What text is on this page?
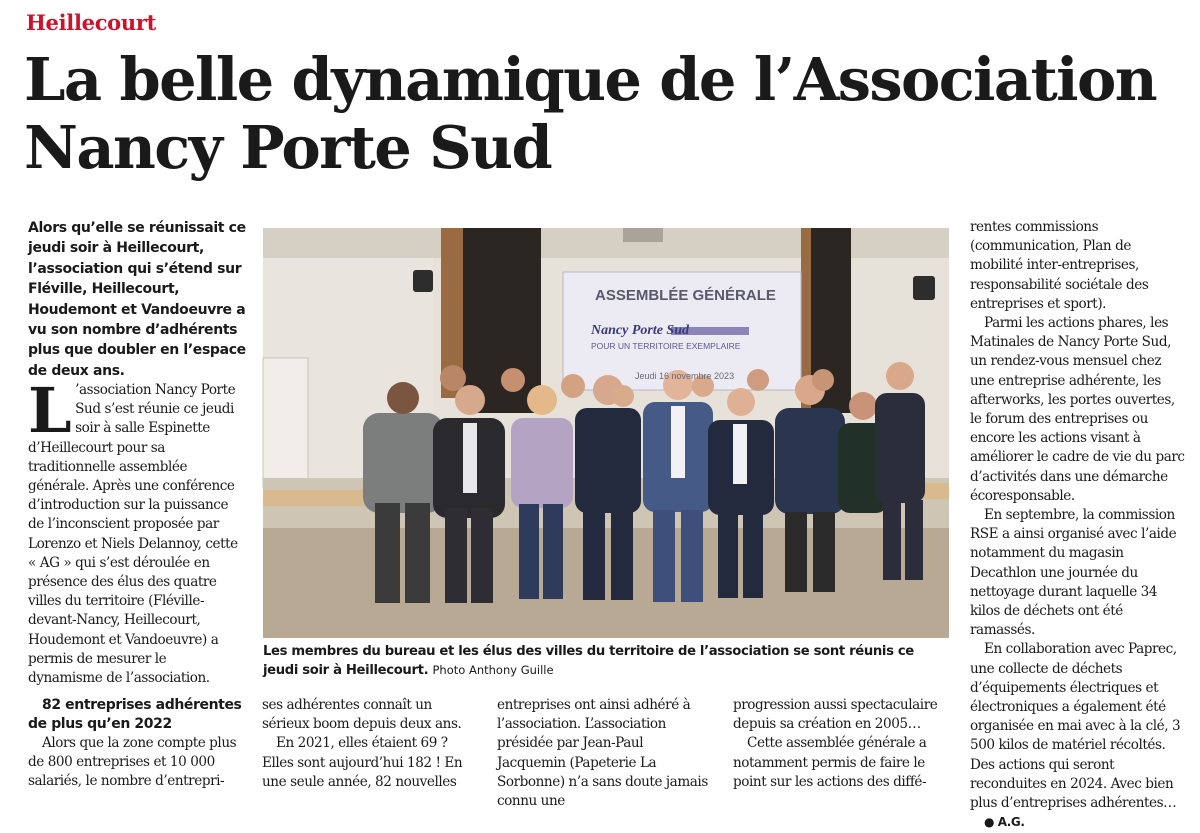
Heillecourt
La belle dynamique de l’Association Nancy Porte Sud

Alors qu’elle se réunissait ce jeudi soir à Heillecourt, l’association qui s’étend sur Fléville, Heillecourt, Houdemont et Vandoeuvre a vu son nombre d’adhérents plus que doubler en l’espace de deux ans.

L ’association Nancy Porte Sud s’est réunie ce jeudi soir à salle Espinette d’Heillecourt pour sa traditionnelle assemblée générale. Après une conférence d’introduction sur la puissance de l’inconscient proposée par Lorenzo et Niels Delannoy, cette « AG » qui s’est déroulée en présence des élus des quatre villes du territoire (Fléville-devant-Nancy, Heillecourt, Houdemont et Vandoeuvre) a permis de mesurer le dynamisme de l’association.

82 entreprises adhérentes de plus qu’en 2022

Alors que la zone compte plus de 800 entreprises et 10 000 salariés, le nombre d’entrepri-

ses adhérentes connaît un sérieux boom depuis deux ans.

En 2021, elles étaient 69 ? Elles sont aujourd’hui 182 ! En une seule année, 82 nouvelles

entreprises ont ainsi adhéré à l’association. L’association présidée par Jean-Paul Jacquemin (Papeterie La Sorbonne) n’a sans doute jamais connu une

progression aussi spectaculaire depuis sa création en 2005…

Cette assemblée générale a notamment permis de faire le point sur les actions des diffé-

rentes commissions (communication, Plan de mobilité inter-entreprises, responsabilité sociétale des entreprises et sport).

Parmi les actions phares, les Matinales de Nancy Porte Sud, un rendez-vous mensuel chez une entreprise adhérente, les afterworks, les portes ouvertes, le forum des entreprises ou encore les actions visant à améliorer le cadre de vie du parc d’activités dans une démarche écoresponsable.

En septembre, la commission RSE a ainsi organisé avec l’aide notamment du magasin Decathlon une journée du nettoyage durant laquelle 34 kilos de déchets ont été ramassés.

En collaboration avec Paprec, une collecte de déchets d’équipements électriques et électroniques a également été organisée en mai avec à la clé, 3 500 kilos de matériel récoltés. Des actions qui seront reconduites en 2024. Avec bien plus d’entreprises adhérentes…

● A.G.

ASSEMBLÉE GÉNÉRALE
Nancy Porte Sud
POUR UN TERRITOIRE EXEMPLAIRE
Jeudi 16 novembre 2023

Les membres du bureau et les élus des villes du territoire de l’association se sont réunis ce jeudi soir à Heillecourt. Photo Anthony Guille
